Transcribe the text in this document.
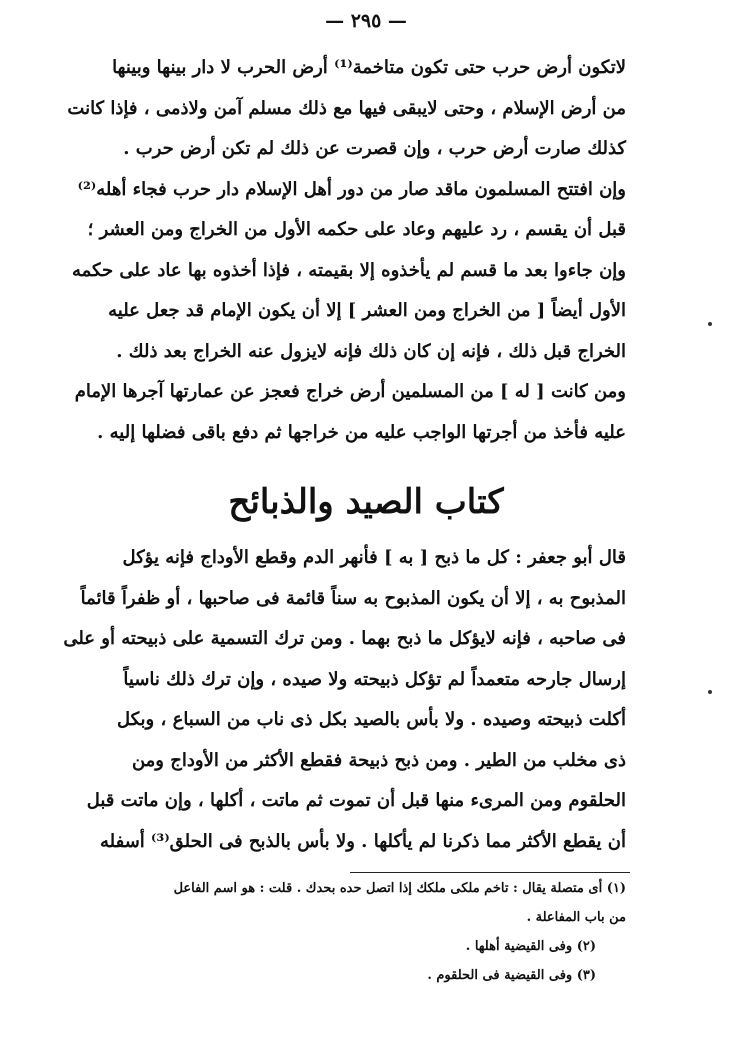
— ٢٩٥ —
لاتكون أرض حرب حتى تكون متاخمة⁽¹⁾ أرض الحرب لا دار بينها وبينها
من أرض الإسلام ، وحتى لايبقى فيها مع ذلك مسلم آمن ولاذمى ، فإذا كانت
كذلك صارت أرض حرب ، وإن قصرت عن ذلك لم تكن أرض حرب .
وإن افتتح المسلمون ماقد صار من دور أهل الإسلام دار حرب فجاء أهله⁽²⁾
قبل أن يقسم ، رد عليهم وعاد على حكمه الأول من الخراج ومن العشر ؛
وإن جاءوا بعد ما قسم لم يأخذوه إلا بقيمته ، فإذا أخذوه بها عاد على حكمه
الأول أيضاً [ من الخراج ومن العشر ] إلا أن يكون الإمام قد جعل عليه
الخراج قبل ذلك ، فإنه إن كان ذلك فإنه لايزول عنه الخراج بعد ذلك .
ومن كانت [ له ] من المسلمين أرض خراج فعجز عن عمارتها آجرها الإمام
عليه فأخذ من أجرتها الواجب عليه من خراجها ثم دفع باقى فضلها إليه .
كتاب الصيد والذبائح
قال أبو جعفر : كل ما ذبح [ به ] فأنهر الدم وقطع الأوداج فإنه يؤكل
المذبوح به ، إلا أن يكون المذبوح به سناً قائمة فى صاحبها ، أو ظفراً قائماً
فى صاحبه ، فإنه لايؤكل ما ذبح بهما . ومن ترك التسمية على ذبيحته أو على
إرسال جارحه متعمداً لم تؤكل ذبيحته ولا صيده ، وإن ترك ذلك ناسياً
أكلت ذبيحته وصيده . ولا بأس بالصيد بكل ذى ناب من السباع ، وبكل
ذى مخلب من الطير . ومن ذبح ذبيحة فقطع الأكثر من الأوداج ومن
الحلقوم ومن المرىء منها قبل أن تموت ثم ماتت ، أكلها ، وإن ماتت قبل
أن يقطع الأكثر مما ذكرنا لم يأكلها . ولا بأس بالذبح فى الحلق⁽³⁾ أسفله
(١) أى متصلة يقال : تاخم ملكى ملكك إذا اتصل حده بحدك . قلت : هو اسم الفاعل
من باب المفاعلة .
(٢) وفى القيضية أهلها .
(٣) وفى القيضية فى الحلقوم .
